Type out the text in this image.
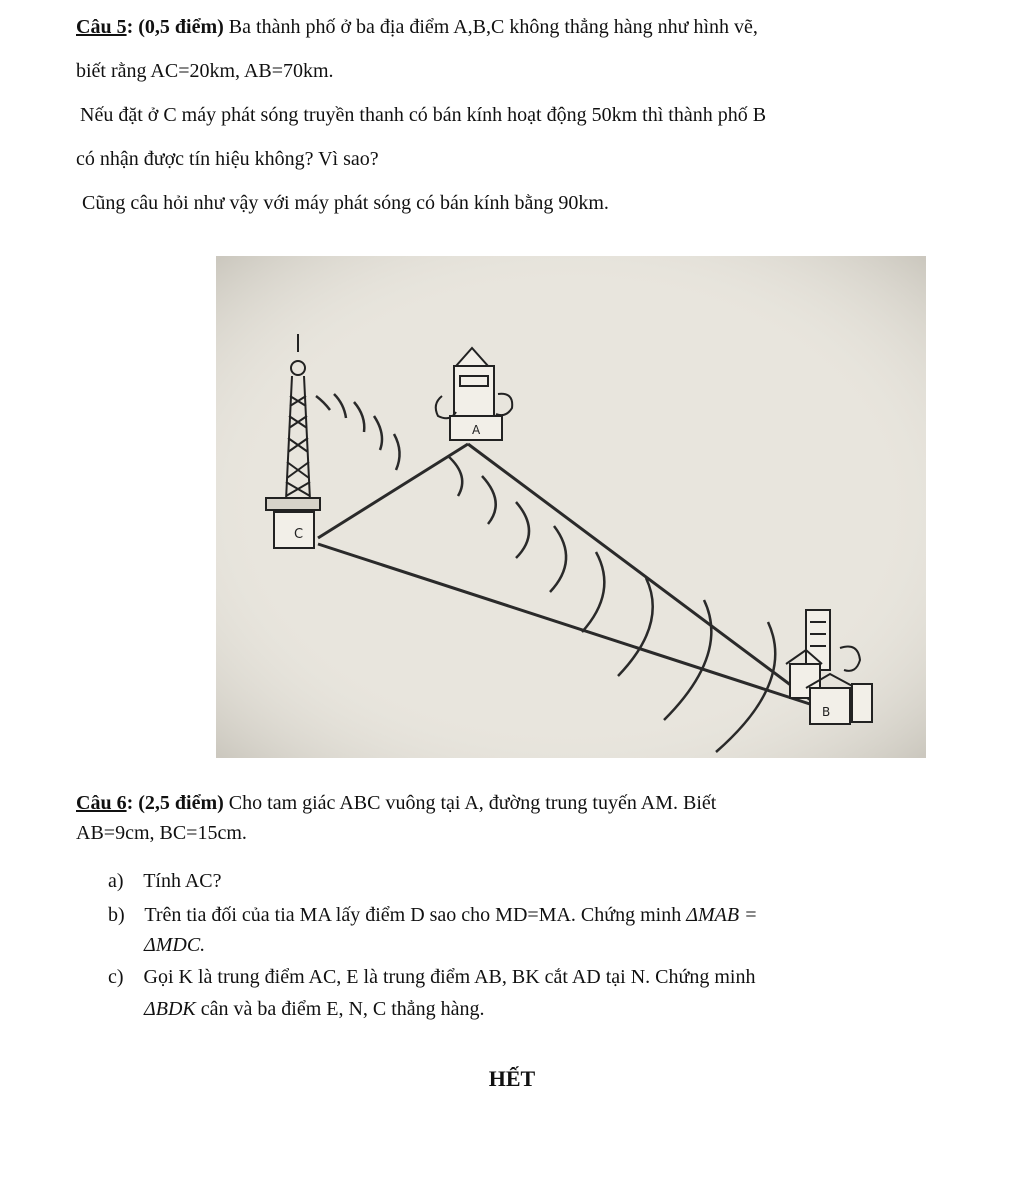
Câu 5: (0,5 điểm) Ba thành phố ở ba địa điểm A,B,C không thẳng hàng như hình vẽ,
biết rằng AC=20km, AB=70km.
Nếu đặt ở C máy phát sóng truyền thanh có bán kính hoạt động 50km thì thành phố B
có nhận được tín hiệu không? Vì sao?
Cũng câu hỏi như vậy với máy phát sóng có bán kính bằng 90km.
C
A
B
Câu 6: (2,5 điểm) Cho tam giác ABC vuông tại A, đường trung tuyến AM. Biết
AB=9cm, BC=15cm.
a) Tính AC?
b) Trên tia đối của tia MA lấy điểm D sao cho MD=MA. Chứng minh ΔMAB =
ΔMDC.
c) Gọi K là trung điểm AC, E là trung điểm AB, BK cắt AD tại N. Chứng minh
ΔBDK cân và ba điểm E, N, C thẳng hàng.
HẾT
